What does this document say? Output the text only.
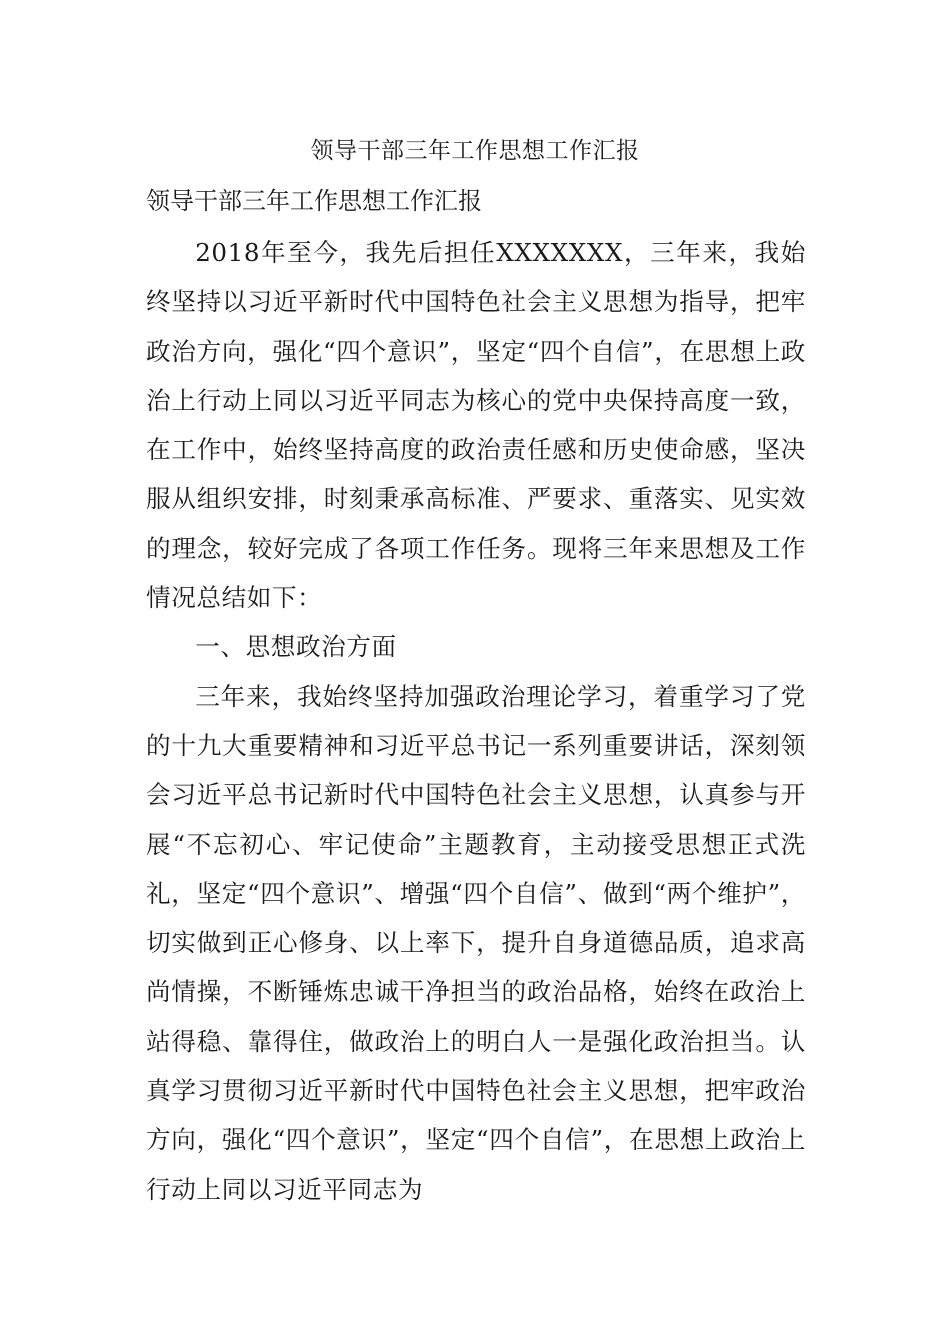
领导干部三年工作思想工作汇报
领导干部三年工作思想工作汇报

2018年至今，我先后担任XXXXXXX，三年来，我始终坚持以习近平新时代中国特色社会主义思想为指导，把牢政治方向，强化“四个意识”，坚定“四个自信”，在思想上政治上行动上同以习近平同志为核心的党中央保持高度一致，在工作中，始终坚持高度的政治责任感和历史使命感，坚决服从组织安排，时刻秉承高标准、严要求、重落实、见实效的理念，较好完成了各项工作任务。现将三年来思想及工作情况总结如下：

一、思想政治方面

三年来，我始终坚持加强政治理论学习，着重学习了党的十九大重要精神和习近平总书记一系列重要讲话，深刻领会习近平总书记新时代中国特色社会主义思想，认真参与开展“不忘初心、牢记使命”主题教育，主动接受思想正式洗礼，坚定“四个意识”、增强“四个自信”、做到“两个维护”，切实做到正心修身、以上率下，提升自身道德品质，追求高尚情操，不断锤炼忠诚干净担当的政治品格，始终在政治上站得稳、靠得住，做政治上的明白人一是强化政治担当。认真学习贯彻习近平新时代中国特色社会主义思想，把牢政治方向，强化“四个意识”，坚定“四个自信”，在思想上政治上行动上同以习近平同志为
